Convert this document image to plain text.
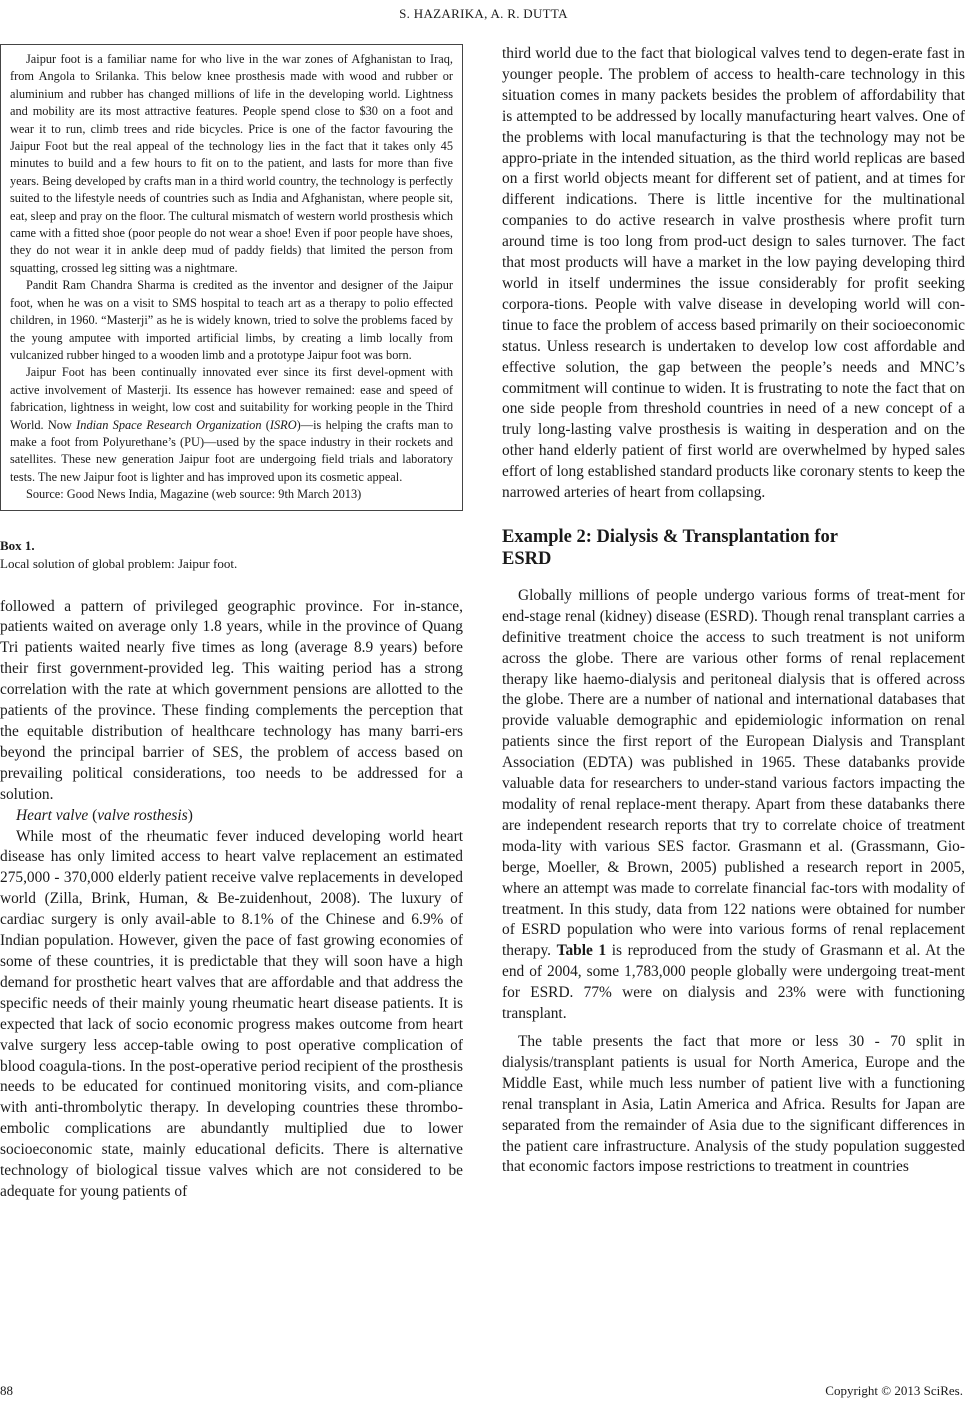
S. HAZARIKA, A. R. DUTTA

Jaipur foot is a familiar name for who live in the war zones of Afghanistan to Iraq, from Angola to Srilanka. This below knee prosthesis made with wood and rubber or aluminium and rubber has changed millions of life in the developing world. Lightness and mobility are its most attractive features. People spend close to $30 on a foot and wear it to run, climb trees and ride bicycles. Price is one of the factor favouring the Jaipur Foot but the real appeal of the technology lies in the fact that it takes only 45 minutes to build and a few hours to fit on to the patient, and lasts for more than five years. Being developed by crafts man in a third world country, the technology is perfectly suited to the lifestyle needs of countries such as India and Afghanistan, where people sit, eat, sleep and pray on the floor. The cultural mismatch of western world prosthesis which came with a fitted shoe (poor people do not wear a shoe! Even if poor people have shoes, they do not wear it in ankle deep mud of paddy fields) that limited the person from squatting, crossed leg sitting was a nightmare.

Pandit Ram Chandra Sharma is credited as the inventor and designer of the Jaipur foot, when he was on a visit to SMS hospital to teach art as a therapy to polio effected children, in 1960. “Masterji” as he is widely known, tried to solve the problems faced by the young amputee with imported artificial limbs, by creating a limb locally from vulcanized rubber hinged to a wooden limb and a prototype Jaipur foot was born.

Jaipur Foot has been continually innovated ever since its first devel-opment with active involvement of Masterji. Its essence has however remained: ease and speed of fabrication, lightness in weight, low cost and suitability for working people in the Third World. Now Indian Space Research Organization (ISRO)—is helping the crafts man to make a foot from Polyurethane’s (PU)—used by the space industry in their rockets and satellites. These new generation Jaipur foot are undergoing field trials and laboratory tests. The new Jaipur foot is lighter and has improved upon its cosmetic appeal.

Source: Good News India, Magazine (web source: 9th March 2013)

Box 1.
Local solution of global problem: Jaipur foot.

followed a pattern of privileged geographic province. For in-stance, patients waited on average only 1.8 years, while in the province of Quang Tri patients waited nearly five times as long (average 8.9 years) before their first government-provided leg. This waiting period has a strong correlation with the rate at which government pensions are allotted to the patients of the province. These finding complements the perception that the equitable distribution of healthcare technology has many barri-ers beyond the principal barrier of SES, the problem of access based on prevailing political considerations, too needs to be addressed for a solution.

Heart valve (valve rosthesis)

While most of the rheumatic fever induced developing world heart disease has only limited access to heart valve replacement an estimated 275,000 - 370,000 elderly patient receive valve replacements in developed world (Zilla, Brink, Human, & Be-zuidenhout, 2008). The luxury of cardiac surgery is only avail-able to 8.1% of the Chinese and 6.9% of Indian population. However, given the pace of fast growing economies of some of these countries, it is predictable that they will soon have a high demand for prosthetic heart valves that are affordable and that address the specific needs of their mainly young rheumatic heart disease patients. It is expected that lack of socio economic progress makes outcome from heart valve surgery less accep-table owing to post operative complication of blood coagula-tions. In the post-operative period recipient of the prosthesis needs to be educated for continued monitoring visits, and com-pliance with anti-thrombolytic therapy. In developing countries these thrombo-embolic complications are abundantly multiplied due to lower socioeconomic state, mainly educational deficits. There is alternative technology of biological tissue valves which are not considered to be adequate for young patients of

third world due to the fact that biological valves tend to degen-erate fast in younger people. The problem of access to health-care technology in this situation comes in many packets besides the problem of affordability that is attempted to be addressed by locally manufacturing heart valves. One of the problems with local manufacturing is that the technology may not be appro-priate in the intended situation, as the third world replicas are based on a first world objects meant for different set of patient, and at times for different indications. There is little incentive for the multinational companies to do active research in valve prosthesis where profit turn around time is too long from prod-uct design to sales turnover. The fact that most products will have a market in the low paying developing third world in itself undermines the issue considerably for profit seeking corpora-tions. People with valve disease in developing world will con-tinue to face the problem of access based primarily on their socioeconomic status. Unless research is undertaken to develop low cost affordable and effective solution, the gap between the people’s needs and MNC’s commitment will continue to widen. It is frustrating to note the fact that on one side people from threshold countries in need of a new concept of a truly long-lasting valve prosthesis is waiting in desperation and on the other hand elderly patient of first world are overwhelmed by hyped sales effort of long established standard products like coronary stents to keep the narrowed arteries of heart from collapsing.

Example 2: Dialysis & Transplantation for
ESRD

Globally millions of people undergo various forms of treat-ment for end-stage renal (kidney) disease (ESRD). Though renal transplant carries a definitive treatment choice the access to such treatment is not uniform across the globe. There are various other forms of renal replacement therapy like haemo-dialysis and peritoneal dialysis that is offered across the globe. There are a number of national and international databases that provide valuable demographic and epidemiologic information on renal patients since the first report of the European Dialysis and Transplant Association (EDTA) was published in 1965. These databanks provide valuable data for researchers to under-stand various factors impacting the modality of renal replace-ment therapy. Apart from these databanks there are independent research reports that try to correlate choice of treatment moda-lity with various SES factor. Grasmann et al. (Grassmann, Gio-berge, Moeller, & Brown, 2005) published a research report in 2005, where an attempt was made to correlate financial fac-tors with modality of treatment. In this study, data from 122 nations were obtained for number of ESRD population who were into various forms of renal replacement therapy. Table 1 is reproduced from the study of Grasmann et al. At the end of 2004, some 1,783,000 people globally were undergoing treat-ment for ESRD. 77% were on dialysis and 23% were with functioning transplant.

The table presents the fact that more or less 30 - 70 split in dialysis/transplant patients is usual for North America, Europe and the Middle East, while much less number of patient live with a functioning renal transplant in Asia, Latin America and Africa. Results for Japan are separated from the remainder of Asia due to the significant differences in the patient care infrastructure. Analysis of the study population suggested that economic factors impose restrictions to treatment in countries

88	Copyright © 2013 SciRes.
